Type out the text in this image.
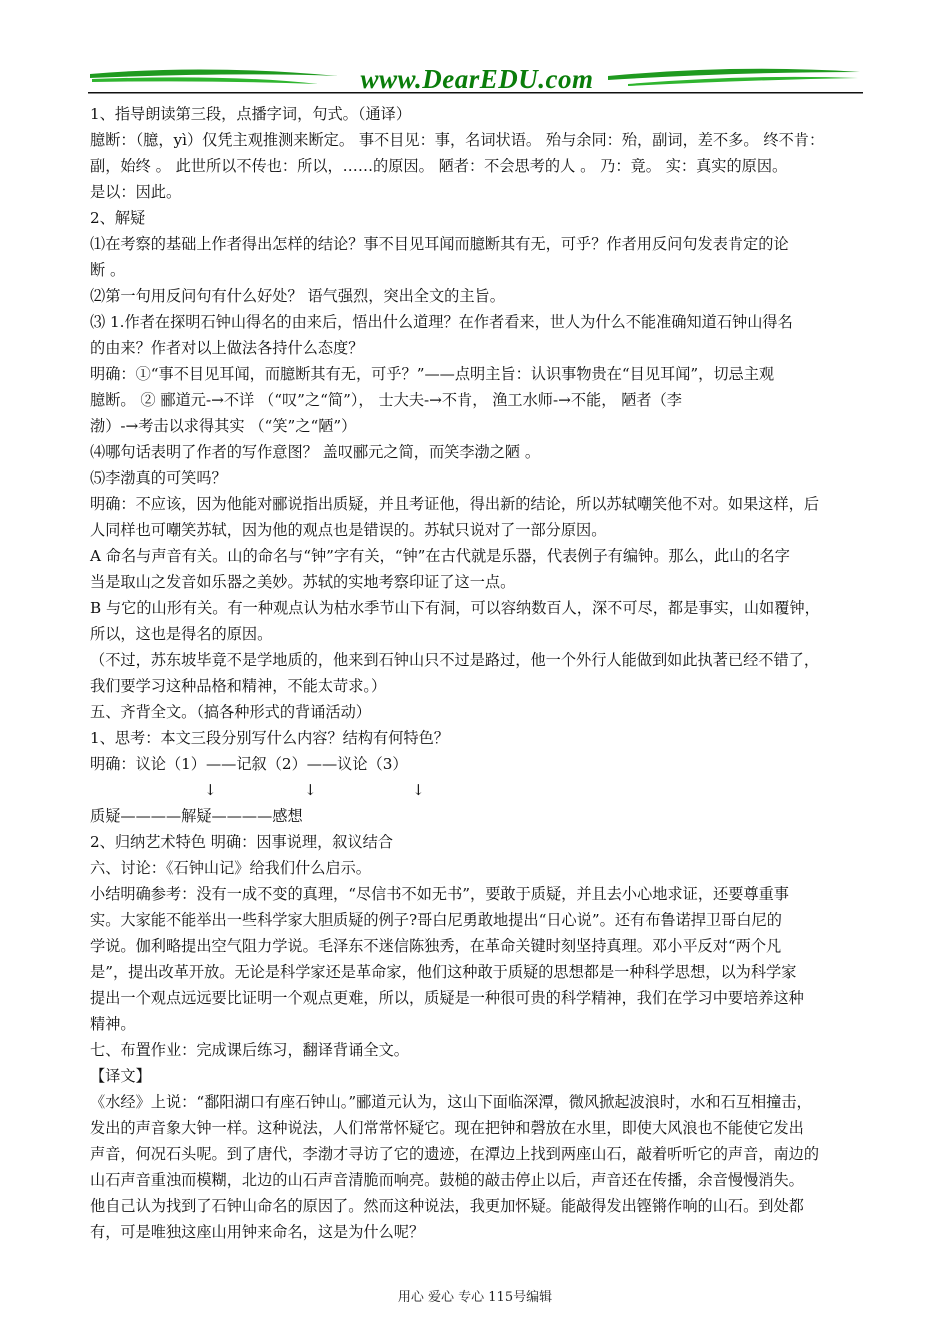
www.DearEDU.com
1、指导朗读第三段，点播字词，句式。（通译）
臆断：（臆，yì）仅凭主观推测来断定。 事不目见：事，名词状语。 殆与余同：殆，副词，差不多。 终不肯：
副，始终 。 此世所以不传也：所以，……的原因。 陋者：不会思考的人 。 乃：竟。 实：真实的原因。
是以：因此。
2、解疑
⑴在考察的基础上作者得出怎样的结论？事不目见耳闻而臆断其有无，可乎？作者用反问句发表肯定的论
断 。
⑵第一句用反问句有什么好处？ 语气强烈，突出全文的主旨。
⑶ 1.作者在探明石钟山得名的由来后，悟出什么道理？在作者看来，世人为什么不能准确知道石钟山得名
的由来？作者对以上做法各持什么态度？
明确：①“事不目见耳闻，而臆断其有无，可乎？”——点明主旨：认识事物贵在“目见耳闻”，切忌主观
臆断。 ② 郦道元-→不详 （“叹”之“简”）， 士大夫-→不肯， 渔工水师-→不能， 陋者（李
渤）-→考击以求得其实 （“笑”之“陋”）
⑷哪句话表明了作者的写作意图？ 盖叹郦元之简，而笑李渤之陋 。
⑸李渤真的可笑吗？
明确：不应该，因为他能对郦说指出质疑，并且考证他，得出新的结论，所以苏轼嘲笑他不对。如果这样，后
人同样也可嘲笑苏轼，因为他的观点也是错误的。苏轼只说对了一部分原因。
A 命名与声音有关。山的命名与“钟”字有关，“钟”在古代就是乐器，代表例子有编钟。那么，此山的名字
当是取山之发音如乐器之美妙。苏轼的实地考察印证了这一点。
B 与它的山形有关。有一种观点认为枯水季节山下有洞，可以容纳数百人，深不可尽，都是事实，山如覆钟，
所以，这也是得名的原因。
（不过，苏东坡毕竟不是学地质的，他来到石钟山只不过是路过，他一个外行人能做到如此执著已经不错了，
我们要学习这种品格和精神，不能太苛求。）
五、齐背全文。（搞各种形式的背诵活动）
1、思考：本文三段分别写什么内容？结构有何特色？
明确：议论（1）——记叙（2）——议论（3）
↓	↓	↓
质疑————解疑————感想
2、归纳艺术特色 明确：因事说理，叙议结合
六、讨论：《石钟山记》给我们什么启示。
小结明确参考：没有一成不变的真理，“尽信书不如无书”，要敢于质疑，并且去小心地求证，还要尊重事
实。大家能不能举出一些科学家大胆质疑的例子?哥白尼勇敢地提出“日心说”。还有布鲁诺捍卫哥白尼的
学说。伽利略提出空气阻力学说。毛泽东不迷信陈独秀，在革命关键时刻坚持真理。邓小平反对“两个凡
是”，提出改革开放。无论是科学家还是革命家，他们这种敢于质疑的思想都是一种科学思想，以为科学家
提出一个观点远远要比证明一个观点更难，所以，质疑是一种很可贵的科学精神，我们在学习中要培养这种
精神。
七、布置作业：完成课后练习，翻译背诵全文。
【译文】
《水经》上说：“鄱阳湖口有座石钟山。”郦道元认为，这山下面临深潭，微风掀起波浪时，水和石互相撞击，
发出的声音象大钟一样。这种说法，人们常常怀疑它。现在把钟和磬放在水里，即使大风浪也不能使它发出
声音，何况石头呢。到了唐代，李渤才寻访了它的遗迹，在潭边上找到两座山石，敲着听听它的声音，南边的
山石声音重浊而模糊，北边的山石声音清脆而响亮。鼓槌的敲击停止以后，声音还在传播，余音慢慢消失。
他自己认为找到了石钟山命名的原因了。然而这种说法，我更加怀疑。能敲得发出铿锵作响的山石。到处都
有，可是唯独这座山用钟来命名，这是为什么呢？
用心 爱心 专心 115号编辑
